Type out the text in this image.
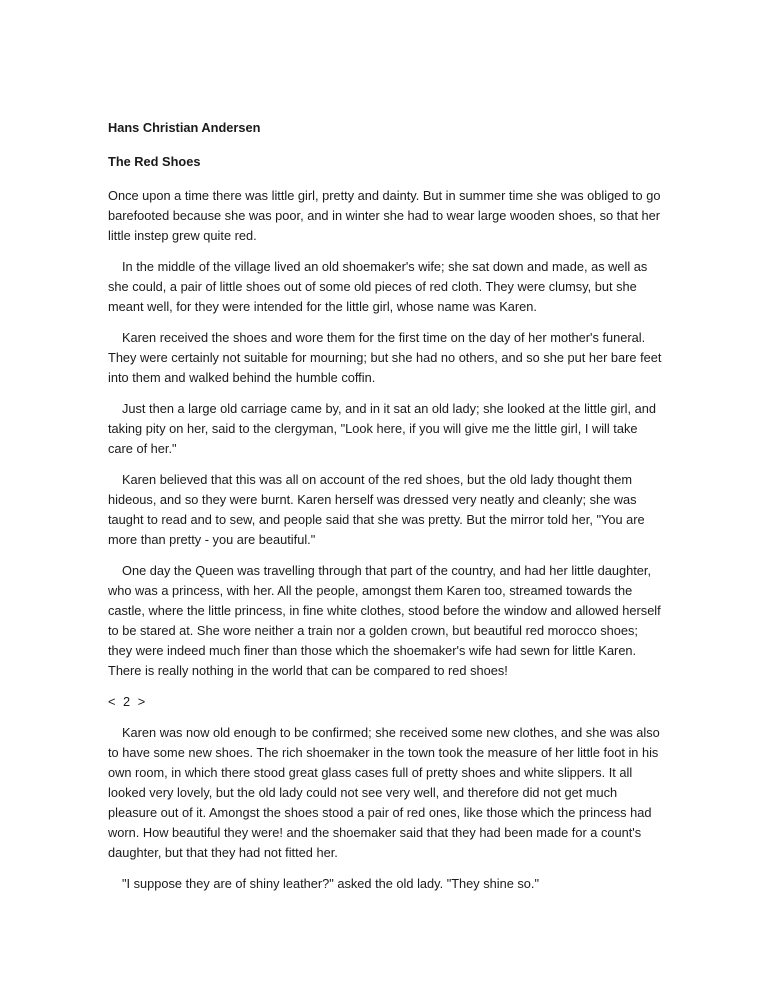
Hans Christian Andersen

The Red Shoes

Once upon a time there was little girl, pretty and dainty. But in summer time she was obliged to go barefooted because she was poor, and in winter she had to wear large wooden shoes, so that her little instep grew quite red.

In the middle of the village lived an old shoemaker's wife; she sat down and made, as well as she could, a pair of little shoes out of some old pieces of red cloth. They were clumsy, but she meant well, for they were intended for the little girl, whose name was Karen.

Karen received the shoes and wore them for the first time on the day of her mother's funeral. They were certainly not suitable for mourning; but she had no others, and so she put her bare feet into them and walked behind the humble coffin.

Just then a large old carriage came by, and in it sat an old lady; she looked at the little girl, and taking pity on her, said to the clergyman, "Look here, if you will give me the little girl, I will take care of her."

Karen believed that this was all on account of the red shoes, but the old lady thought them hideous, and so they were burnt. Karen herself was dressed very neatly and cleanly; she was taught to read and to sew, and people said that she was pretty. But the mirror told her, "You are more than pretty - you are beautiful."

One day the Queen was travelling through that part of the country, and had her little daughter, who was a princess, with her. All the people, amongst them Karen too, streamed towards the castle, where the little princess, in fine white clothes, stood before the window and allowed herself to be stared at. She wore neither a train nor a golden crown, but beautiful red morocco shoes; they were indeed much finer than those which the shoemaker's wife had sewn for little Karen. There is really nothing in the world that can be compared to red shoes!

< 2 >

Karen was now old enough to be confirmed; she received some new clothes, and she was also to have some new shoes. The rich shoemaker in the town took the measure of her little foot in his own room, in which there stood great glass cases full of pretty shoes and white slippers. It all looked very lovely, but the old lady could not see very well, and therefore did not get much pleasure out of it. Amongst the shoes stood a pair of red ones, like those which the princess had worn. How beautiful they were! and the shoemaker said that they had been made for a count's daughter, but that they had not fitted her.

"I suppose they are of shiny leather?" asked the old lady. "They shine so."
